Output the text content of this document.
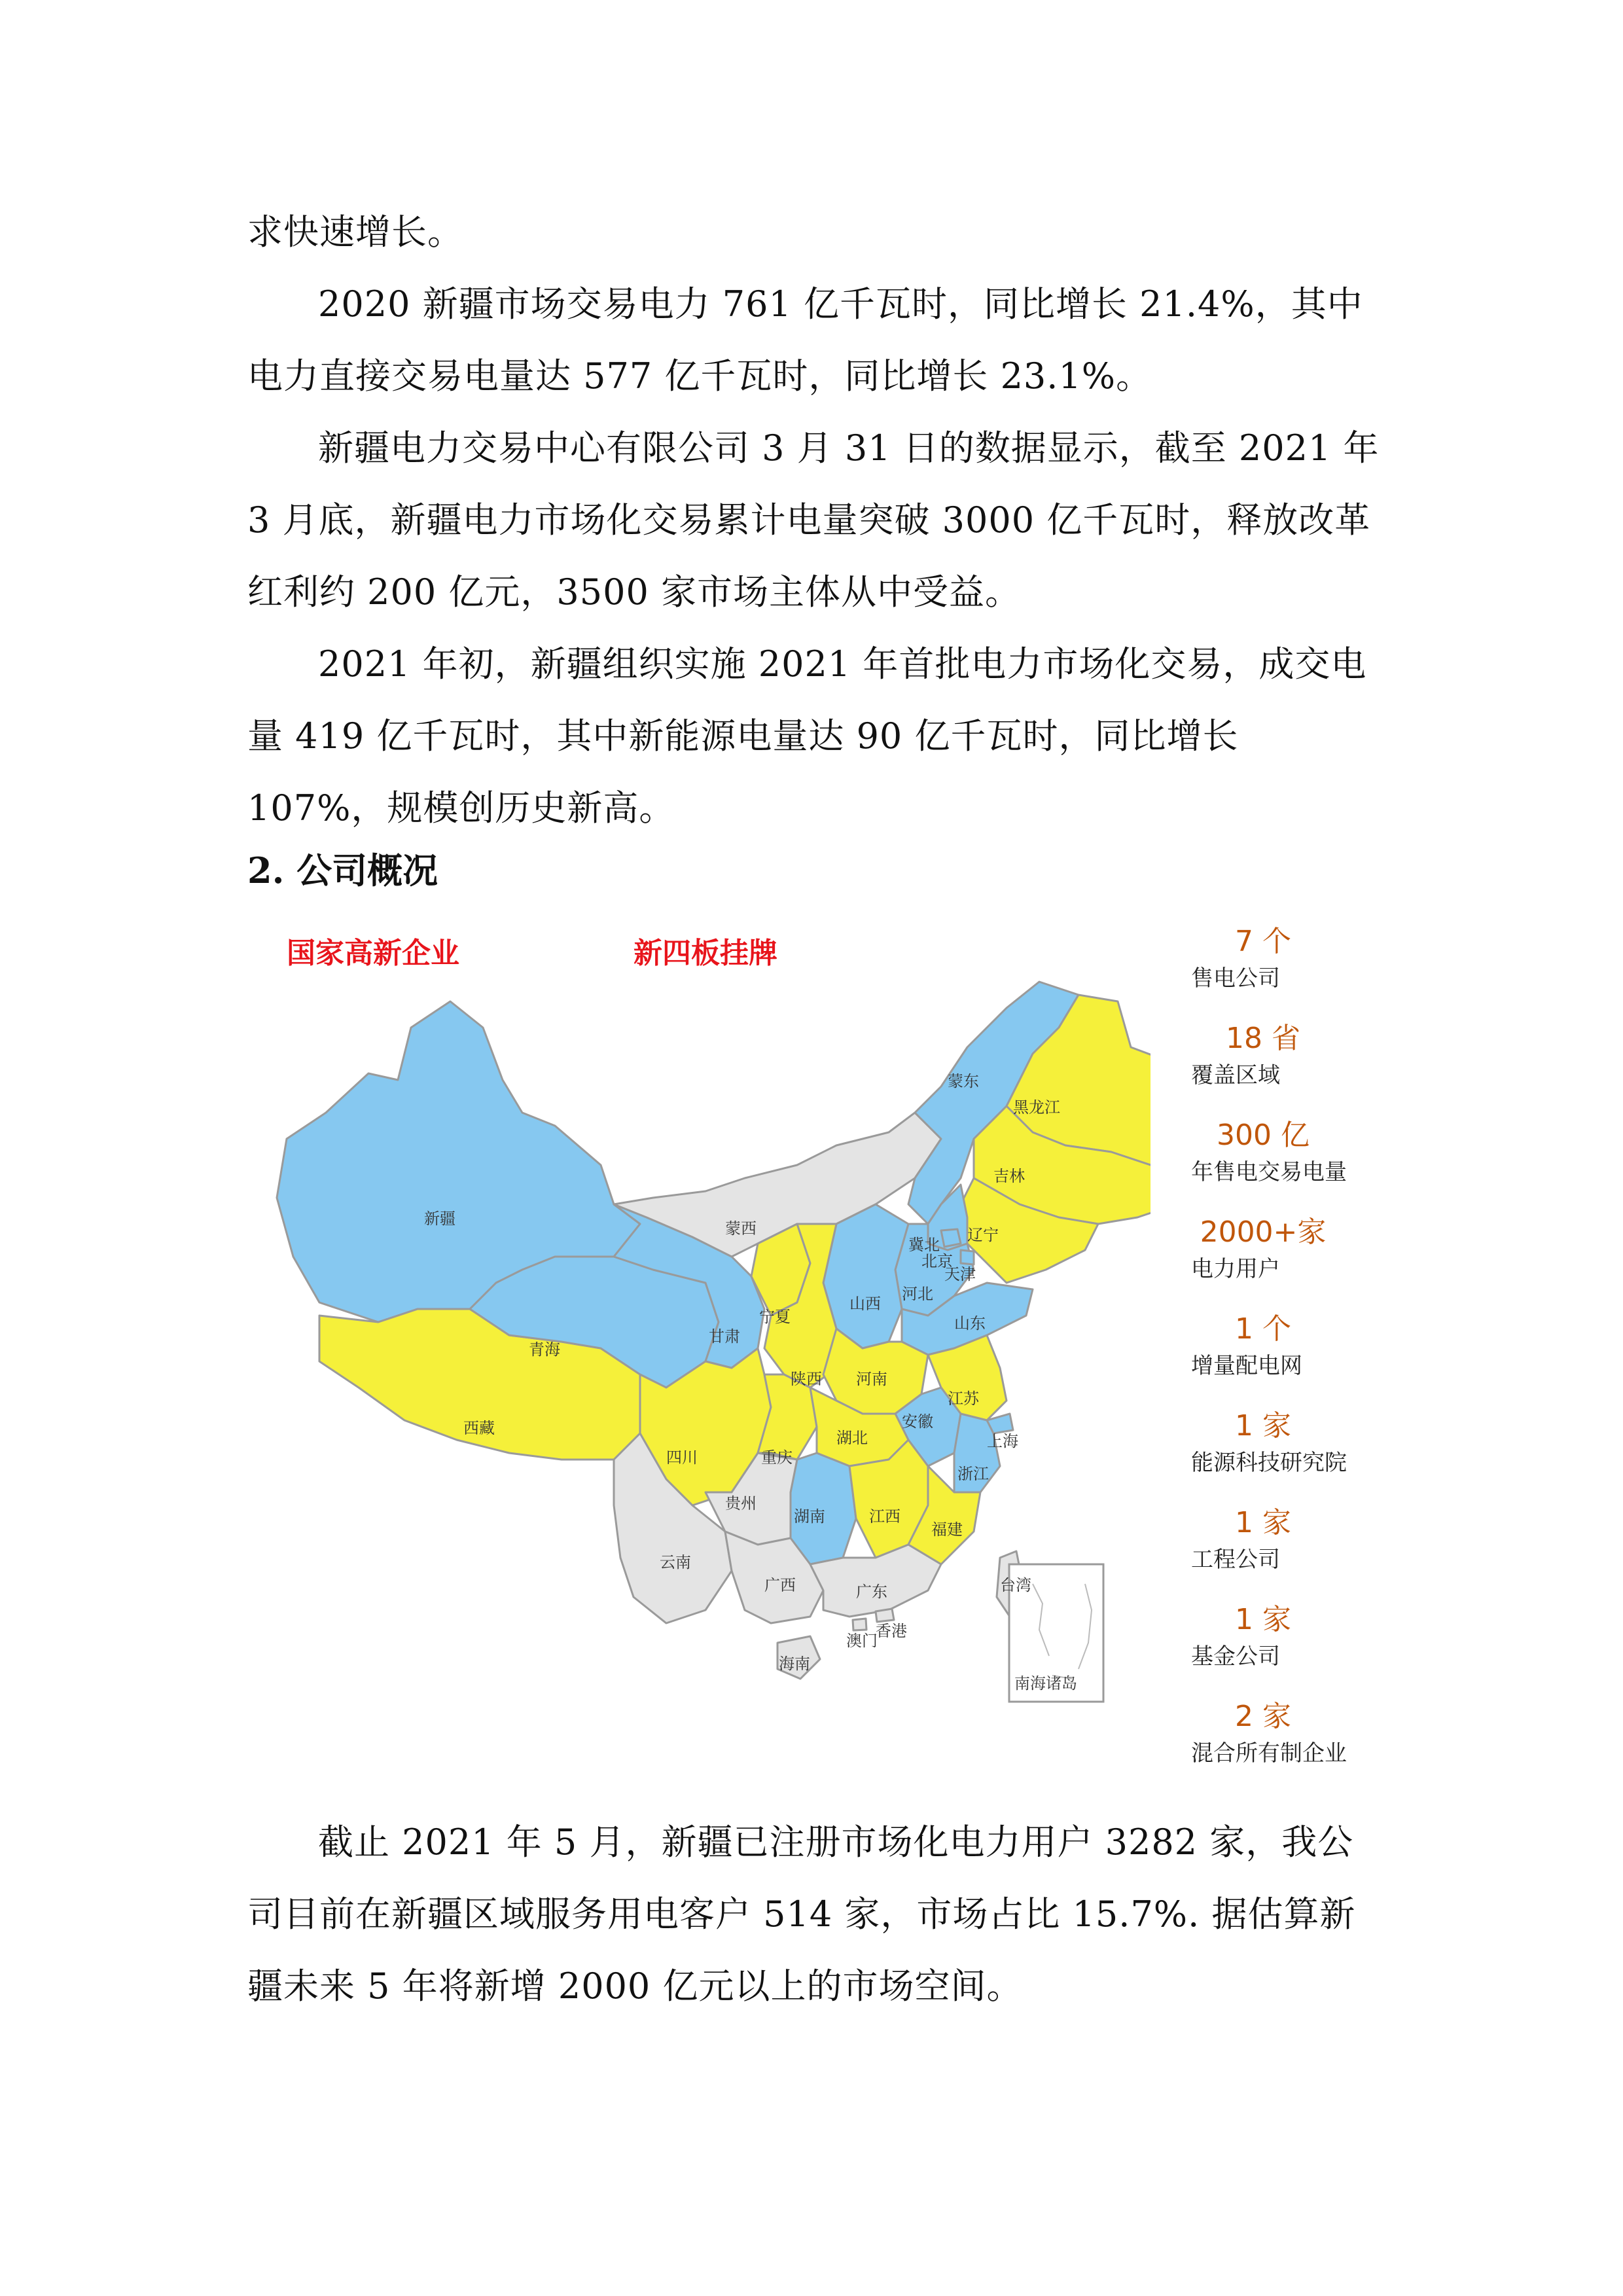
求快速增长。

2020 新疆市场交易电力 761 亿千瓦时，同比增长 21.4%，其中电力直接交易电量达 577 亿千瓦时，同比增长 23.1%。

新疆电力交易中心有限公司 3 月 31 日的数据显示，截至 2021 年 3 月底，新疆电力市场化交易累计电量突破 3000 亿千瓦时，释放改革红利约 200 亿元，3500 家市场主体从中受益。

2021 年初，新疆组织实施 2021 年首批电力市场化交易，成交电量 419 亿千瓦时，其中新能源电量达 90 亿千瓦时，同比增长 107%，规模创历史新高。

2. 公司概况
新疆
西藏
青海
甘肃
宁夏
蒙西
蒙东
黑龙江
吉林
辽宁
冀北
北京
天津
河北
山西
山东
陕西 河南
四川	重庆
湖北
安徽
江苏
上海
浙江
湖南	江西
福建
贵州
云南
广西	广东	台湾
香港
澳门
海南
南海诸岛
国家高新企业	新四板挂牌	7 个
售电公司
18 省
覆盖区域
300 亿
年售电交易电量
2000+家
电力用户
1 个
增量配电网
1 家
能源科技研究院
1 家
工程公司
1 家
基金公司
2 家
混合所有制企业

截止 2021 年 5 月，新疆已注册市场化电力用户 3282 家，我公司目前在新疆区域服务用电客户 514 家，市场占比 15.7%. 据估算新疆未来 5 年将新增 2000 亿元以上的市场空间。
